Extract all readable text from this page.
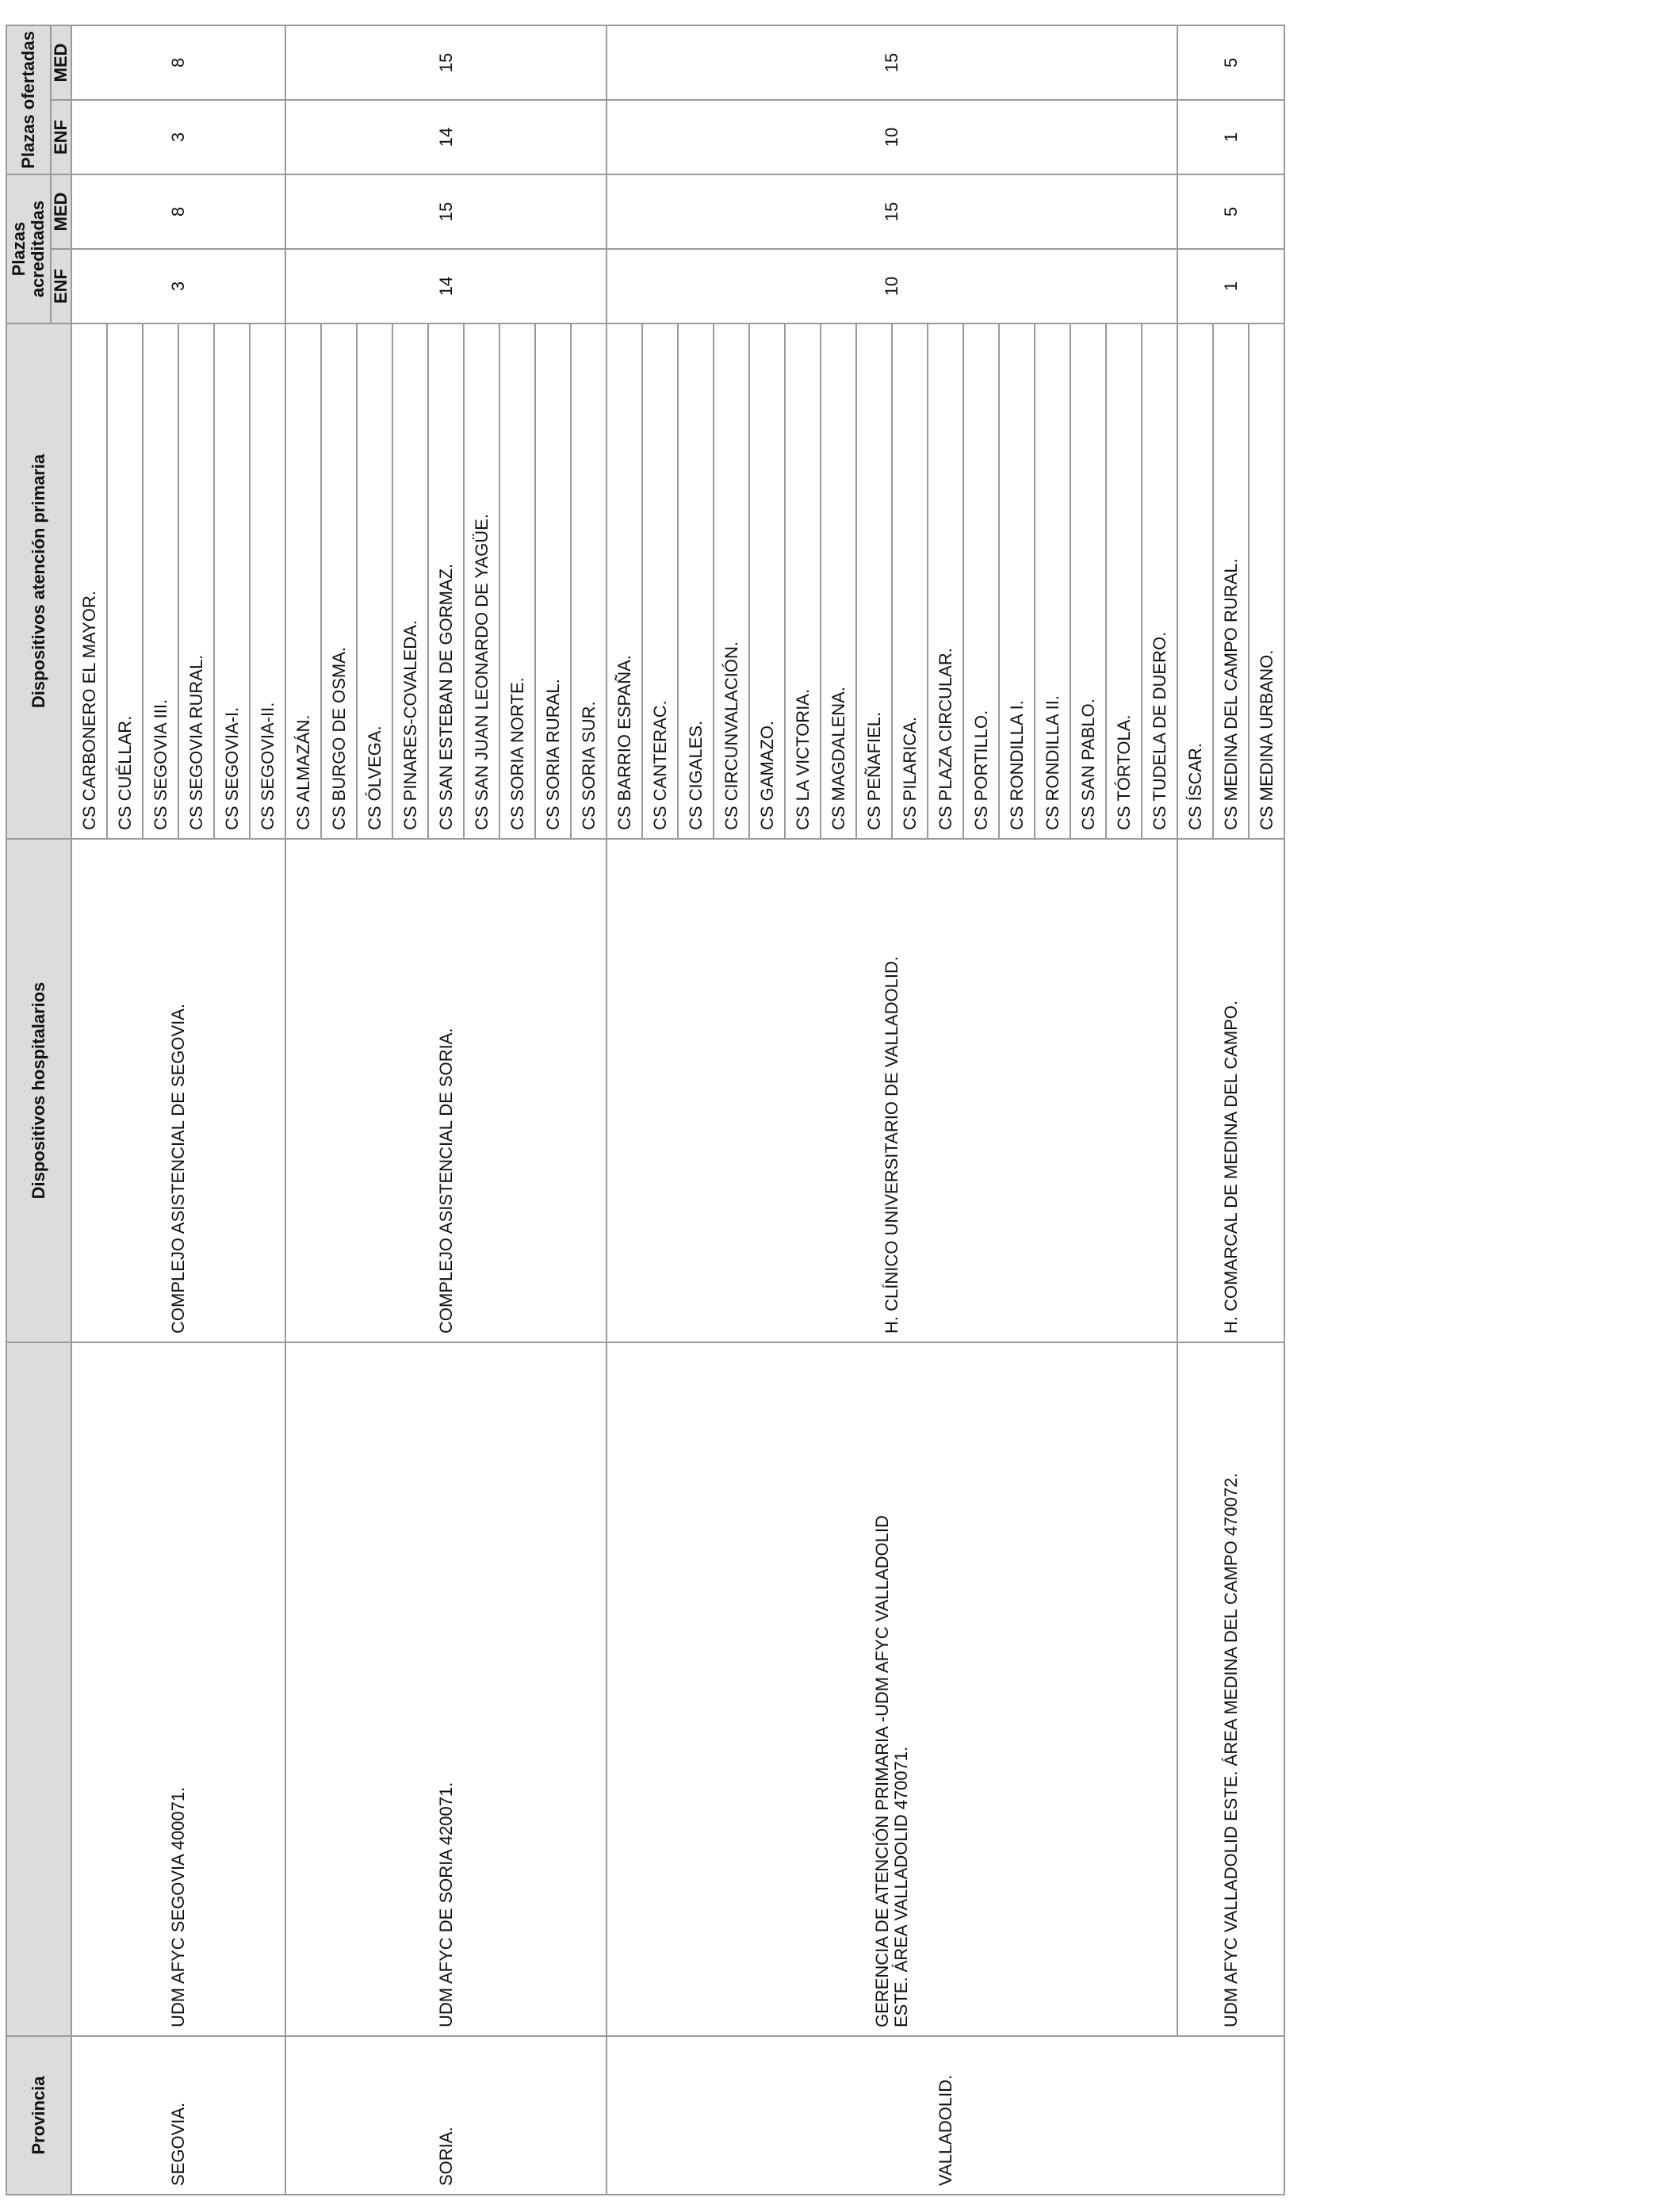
Provincia		Dispositivos hospitalarios	Dispositivos atención primaria	Plazas acreditadas		Plazas ofertadas	
				ENF	MED	ENF	MED
SEGOVIA.	UDM AFYC SEGOVIA 400071.	COMPLEJO ASISTENCIAL DE SEGOVIA.	CS CARBONERO EL MAYOR.	3	8	3	8
			CS CUÉLLAR.				
			CS SEGOVIA III.				
			CS SEGOVIA RURAL.				
			CS SEGOVIA-I.				
			CS SEGOVIA-II.				
SORIA.	UDM AFYC DE SORIA 420071.	COMPLEJO ASISTENCIAL DE SORIA.	CS ALMAZÁN.	14	15	14	15
			CS BURGO DE OSMA.				
			CS ÓLVEGA.				
			CS PINARES-COVALEDA.				
			CS SAN ESTEBAN DE GORMAZ.				
			CS SAN JUAN LEONARDO DE YAGÜE.				
			CS SORIA NORTE.				
			CS SORIA RURAL.				
			CS SORIA SUR.				
VALLADOLID.	GERENCIA DE ATENCIÓN PRIMARIA -UDM AFYC VALLADOLID ESTE. ÁREA VALLADOLID 470071.	H. CLÍNICO UNIVERSITARIO DE VALLADOLID.	CS BARRIO ESPAÑA.	10	15	10	15
			CS CANTERAC.				
			CS CIGALES.				
			CS CIRCUNVALACIÓN.				
			CS GAMAZO.				
			CS LA VICTORIA.				
			CS MAGDALENA.				
			CS PEÑAFIEL.				
			CS PILARICA.				
			CS PLAZA CIRCULAR.				
			CS PORTILLO.				
			CS RONDILLA I.				
			CS RONDILLA II.				
			CS SAN PABLO.				
			CS TÓRTOLA.				
			CS TUDELA DE DUERO.				
	UDM AFYC VALLADOLID ESTE. ÁREA MEDINA DEL CAMPO 470072.	H. COMARCAL DE MEDINA DEL CAMPO.	CS ÍSCAR.	1	5	1	5
			CS MEDINA DEL CAMPO RURAL.				
			CS MEDINA URBANO.				
